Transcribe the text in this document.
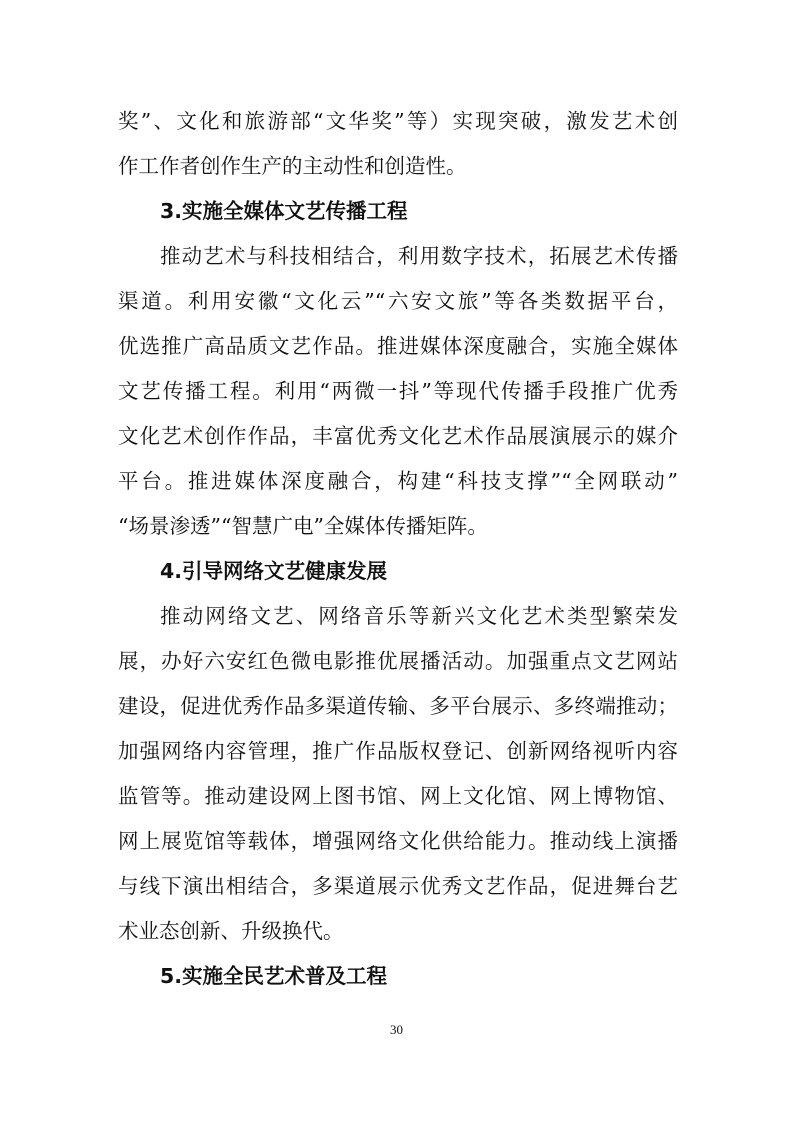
奖”、文化和旅游部“文华奖”等）实现突破，激发艺术创
作工作者创作生产的主动性和创造性。
3.实施全媒体文艺传播工程
推动艺术与科技相结合，利用数字技术，拓展艺术传播
渠道。利用安徽“文化云”“六安文旅”等各类数据平台，
优选推广高品质文艺作品。推进媒体深度融合，实施全媒体
文艺传播工程。利用“两微一抖”等现代传播手段推广优秀
文化艺术创作作品，丰富优秀文化艺术作品展演展示的媒介
平台。推进媒体深度融合，构建“科技支撑”“全网联动”
“场景渗透”“智慧广电”全媒体传播矩阵。
4.引导网络文艺健康发展
推动网络文艺、网络音乐等新兴文化艺术类型繁荣发
展，办好六安红色微电影推优展播活动。加强重点文艺网站
建设，促进优秀作品多渠道传输、多平台展示、多终端推动；
加强网络内容管理，推广作品版权登记、创新网络视听内容
监管等。推动建设网上图书馆、网上文化馆、网上博物馆、
网上展览馆等载体，增强网络文化供给能力。推动线上演播
与线下演出相结合，多渠道展示优秀文艺作品，促进舞台艺
术业态创新、升级换代。
5.实施全民艺术普及工程
30
